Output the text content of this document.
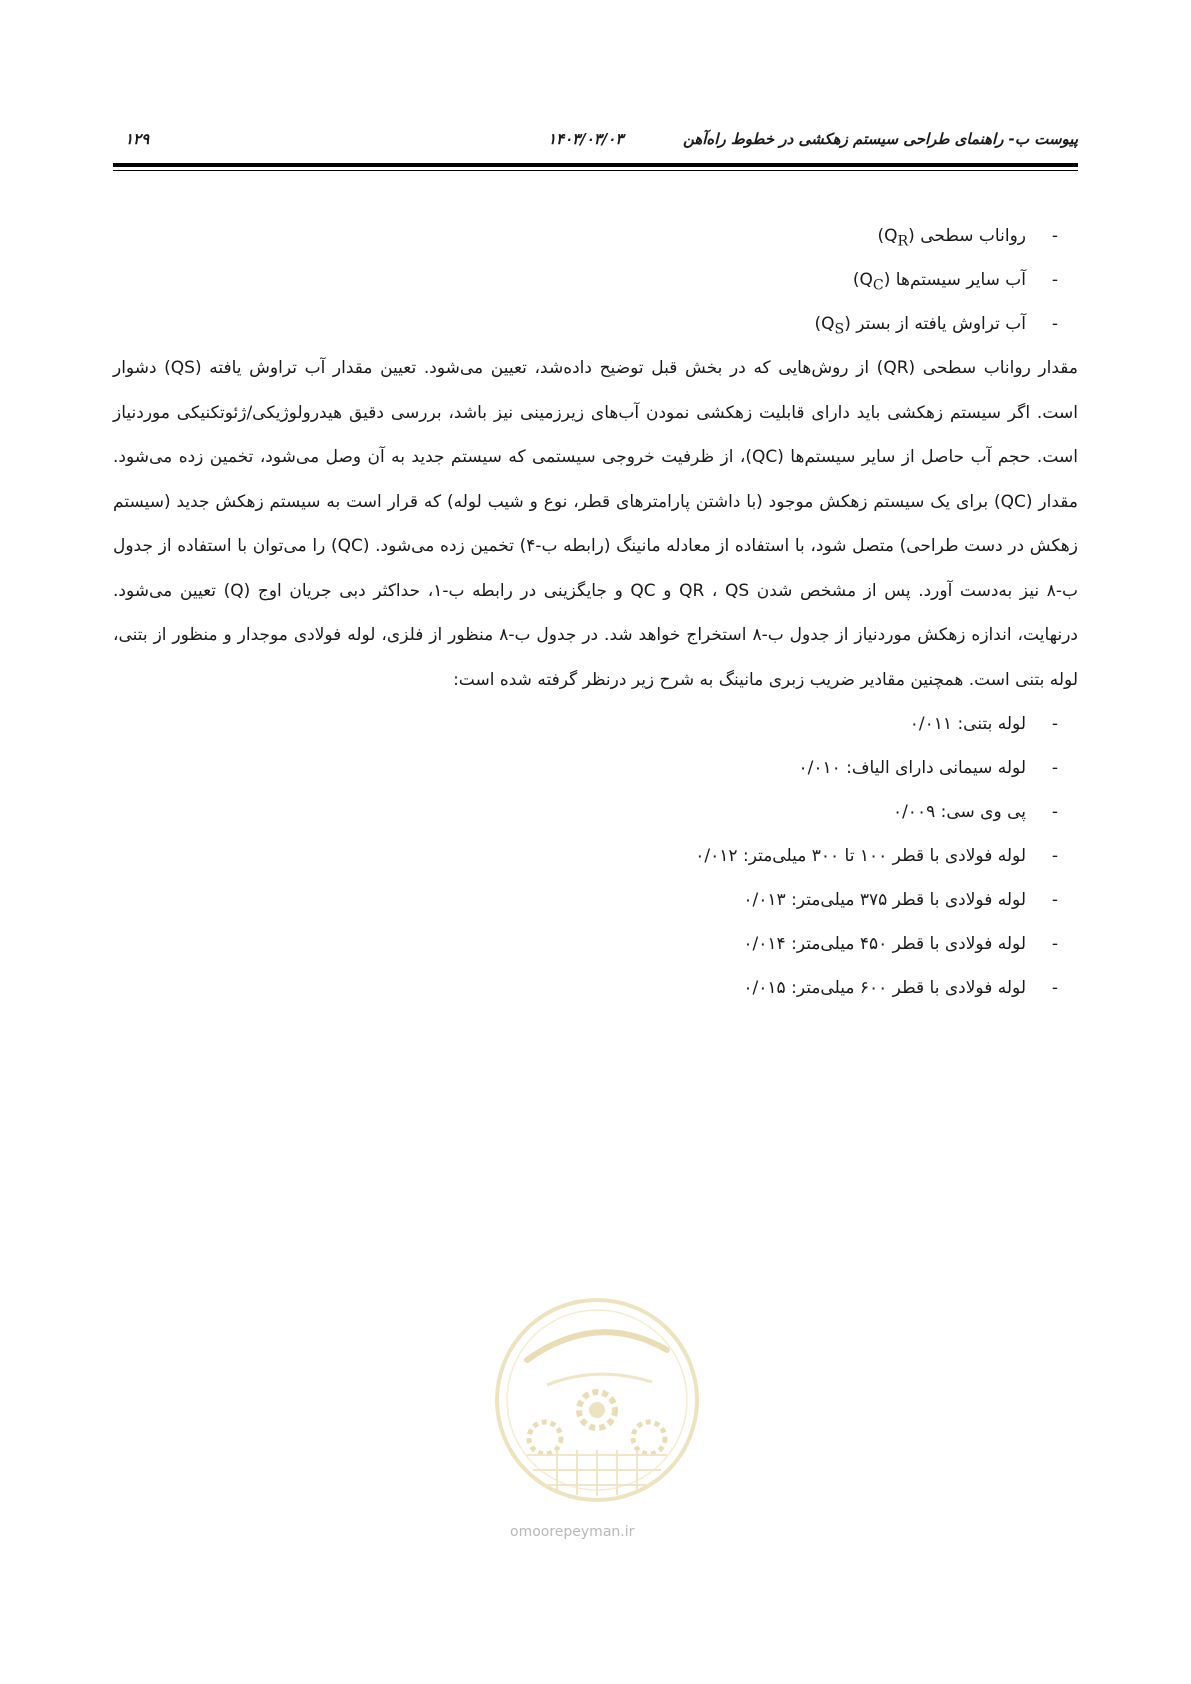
پیوست ب- راهنمای طراحی سیستم زهکشی در خطوط راه‌آهن
۱۴۰۳/۰۳/۰۳
۱۲۹
-
رواناب سطحی $(Q_R)$
-
آب سایر سیستم‌ها $(Q_C)$
-
آب تراوش یافته از بستر $(Q_S)$

مقدار رواناب سطحی (QR) از روش‌هایی که در بخش قبل توضیح داده‌شد، تعیین می‌شود. تعیین مقدار آب تراوش یافته (QS) دشوار است. اگر سیستم زهکشی باید دارای قابلیت زهکشی نمودن آب‌های زیرزمینی نیز باشد، بررسی دقیق هیدرولوژیکی/ژئوتکنیکی موردنیاز است. حجم آب حاصل از سایر سیستم‌ها (QC)، از ظرفیت خروجی سیستمی که سیستم جدید به آن وصل می‌شود، تخمین زده می‌شود. مقدار (QC) برای یک سیستم زهکش موجود (با داشتن پارامترهای قطر، نوع و شیب لوله) که قرار است به سیستم زهکش جدید (سیستم زهکش در دست طراحی) متصل شود، با استفاده از معادله مانینگ (رابطه ب-۴) تخمین زده می‌شود. (QC) را می‌توان با استفاده از جدول ب-۸ نیز به‌دست آورد. پس از مشخص شدن QR ، QS و QC و جایگزینی در رابطه ب-۱، حداکثر دبی جریان اوج (Q) تعیین می‌شود. درنهایت، اندازه زهکش موردنیاز از جدول ب-۸ استخراج خواهد شد. در جدول ب-۸ منظور از فلزی، لوله فولادی موجدار و منظور از بتنی، لوله بتنی است. همچنین مقادیر ضریب زبری مانینگ به شرح زیر درنظر گرفته شده است:

-
لوله بتنی: ۰/۰۱۱
-
لوله سیمانی دارای الیاف: ۰/۰۱۰
-
پی وی سی: ۰/۰۰۹
-
لوله فولادی با قطر ۱۰۰ تا ۳۰۰ میلی‌متر: ۰/۰۱۲
-
لوله فولادی با قطر ۳۷۵ میلی‌متر: ۰/۰۱۳
-
لوله فولادی با قطر ۴۵۰ میلی‌متر: ۰/۰۱۴
-
لوله فولادی با قطر ۶۰۰ میلی‌متر: ۰/۰۱۵
omoorepeyman.ir
